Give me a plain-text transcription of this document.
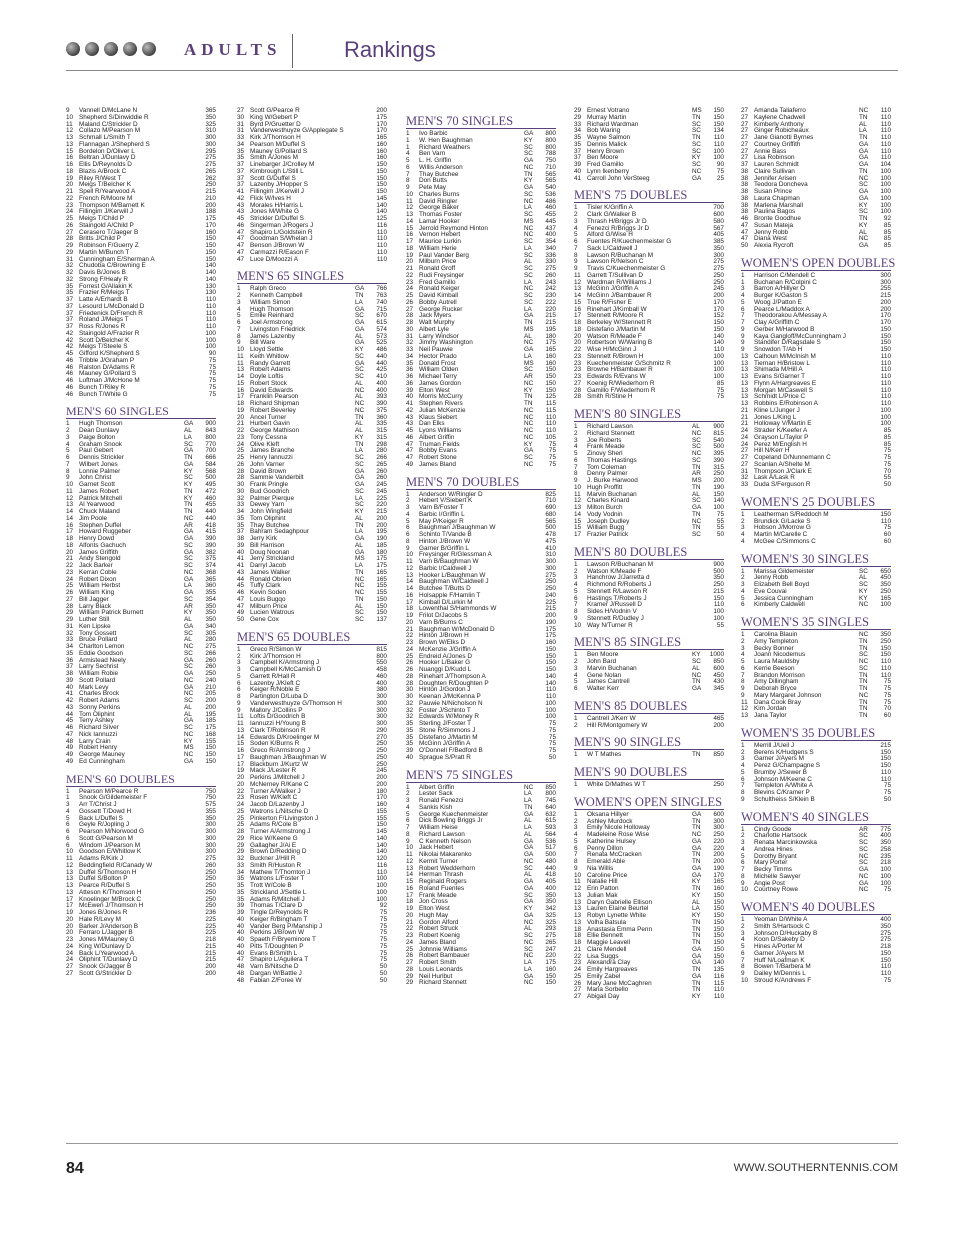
ADULTS	Rankings
9 Vannell D/McLane N	365
10 Shepherd S/Dinwiddie R	350
11 Maland C/Strickler D	325
12 Collazo M/Pearson M	310
13 Schmall L/Smith T	300
13 Flannagan J/Shepherd S	300
15 Bordelon D/Oliver L	295
16 Beltran J/Dunlavy D	275
16 Ellis D/Reynolds D	275
18 Blazis A/Brock C	265
19 Riley R/West T	262
20 Meigs T/Belcher K	250
21 Spell R/Yearwood A	215
22 French R/Moore M	210
23 Thompson M/Barnett K	200
24 Fillingim J/Kerwill J	188
25 Meigs T/Child P	175
26 Staingold A/Child P	170
27 Cerasero T/Jaeger B	160
28 Britts J/Child P	150
29 Robinson F/Guerry Z	150
29 Martin M/Bunch T	150
31 Cunningham E/Sherman A	150
32 Chudoba C/Browning E	140
32 Davis B/Jones B	140
32 Strong F/Healy R	140
35 Forrest G/Allakin K	130
35 Frazier R/Meigs T	130
37 Latte A/Erhardt B	110
37 Lesourd L/McDonald D	110
37 Friedenick D/French R	110
37 Roland J/Meigs T	110
37 Ross R/Jones R	110
42 Staingold A/Frazier R	100
42 Scott D/Belcher K	100
42 Meigs T/Steele S	100
45 Gifford K/Shepherd S	90
46 Tribble J/Graham P	75
46 Ralston D/Adams R	75
46 Mauney G/Pollard S	75
46 Luftman J/McHone M	75
46 Bunch T/Riley R	75
46 Bunch T/White G	75
MEN'S 60 SINGLES
1 Hugh Thomson	GA 900
2 Dean Dunlavy	AL 843
3 Paige Bolton	LA 800
4 Graham Snook	SC 770
5 Paul Gebert	GA 700
6 Dennis Strickler	TN 666
7 Wilbert Jones	GA 584
8 Lonnie Palmer	KY 568
9 John Christ	SC 500
10 Garnet Scott	KY 495
11 James Robert	TN 472
12 Patrick Mitchell	KY 460
13 Al Yearwood	TN 455
14 Chuck Maland	TN 440
14 Jim Poole	NC 440
16 Stephen Duffel	AR 418
17 Howard Ruggeber	GA 415
18 Henry Dowd	GA 390
18 Alfonts Gachuch	SC 390
20 James Griffith	GA 382
21 Andy Stengold	SC 375
22 Jack Barker	SC 374
23 Kerran Coble	NC 368
24 Robert Dixon	GA 365
25 William Herbst	LA 360
26 William King	GA 355
27 Bill Jagger	SC 354
28 Larry Black	AR 350
29 William Patrick Burnett	KY 350
29 Luther Still	AL 350
31 Ken Lipske	GA 340
32 Tony Gossett	SC 305
33 Bruce Pollard	AL 280
34 Charlton Lemon	NC 275
35 Eddie Goodson	SC 266
36 Armistead Neely	GA 260
37 Larry Sechrist	SC 260
38 William Robie	GA 250
39 Scott Pollard	NC 240
40 Mark Levy	GA 210
41 Charles Brock	NC 205
42 Robert Adams	SC 200
43 Sonny Perkins	AL 200
44 Tom Oliphint	AL 195
45 Terry Ashley	GA 185
46 Richard Silver	SC 175
47 Nick Iannuzzi	NC 168
48 Larry Crain	KY 155
49 Robert Henry	MS 150
49 George Mauney	NC 150
49 Ed Cunningham	GA 150
MEN'S 60 DOUBLES
1 Pearson M/Pearce R	750
1 Snook G/Gildemeister F	750
3 Arr T/Christ J	575
4 Gossett T/Dowd H	355
5 Back L/Duffel S	350
6 Geyle R/Jopling J	300
6 Pearson M/Norwood G	300
6 Scott G/Pearson M	300
6 Windom J/Pearson M	300
10 Goodson E/Whitlow K	300
11 Adams R/Kirk J	275
12 Beddingfield R/Canady W	260
13 Duffel S/Thomson H	250
13 Duffel S/Bolton P	250
13 Pearce R/Duffel S	250
13 Atteson K/Thomson H	250
17 Knoelinger M/Brock C	250
17 McEwen J/Thomson H	250
19 Jones B/Jones R	236
20 Hale R/Levy M	225
20 Barker J/Anderson B	225
20 Ferraro L/Jagger B	225
23 Jones M/Mauney G	218
24 King W/Dunlavy D	215
24 Back L/Yearwood A	215
24 Oliphint T/Dunlavy D	215
27 Snook G/Jagger B	200
27 Scott G/Strickler D	200
27 Scott G/Pearce R	200
30 King W/Gebert P	175
31 Byrd P/Gruetter D	170
31 Vanderwesthuyze G/Applegate S	170
33 Kirk J/Thomson H	165
34 Pearson M/Duffel S	160
35 Mauney G/Pollard S	160
35 Smith A/Jones M	160
37 Linebarger J/Crolley M	150
37 Kimbrough L/Still L	150
37 Scott G/Duffel S	150
37 Lazenby J/Hopper S	150
41 Fillingim J/Kerwill J	150
42 Flick W/Ives H	145
43 Morales H/Harris L	140
43 Jones M/White G	140
45 Strickler D/Duffel S	125
46 Singerman J/Rogers J	116
47 Shapiro L/Goldstein R	110
47 Goodman S/Whelan J	110
47 Benson J/Brown W	110
47 Carmazzi R/Eason F	110
47 Luce D/Moozzi A	110
MEN'S 65 SINGLES
1 Ralph Greco	GA 766
2 Kenneth Campbell	TN 763
3 William Simon	LA 740
4 Hugh Thomson	GA 715
5 Emile Reinhard	SC 670
6 Joel Armstrong	GA 615
7 Livingston Friedrick	GA 574
8 James Lazenby	AL 573
9 Bill Ware	GA 525
10 Lloyd Settle	KY 486
11 Keith Whitlow	SC 440
11 Randy Garrett	GA 440
13 Robert Adams	SC 425
14 Doyle Loftis	SC 410
15 Robert Stock	AL 400
16 David Edwards	NC 400
17 Franklin Pearson	AL 393
18 Richard Shipman	NC 390
19 Robert Beverley	NC 375
20 Ancel Turner	TN 360
21 Hurbert Gavin	AL 335
22 George Mathison	AL 315
23 Tony Cessna	KY 315
24 Olive Kleft	TN 298
25 James Branche	LA 280
25 Henry Iannuzzi	SC 266
26 John Varner	SC 265
28 David Brown	GA 260
28 Sammie Vanderbilt	GA 260
30 Frank Pringle	GA 245
30 Bud Goodrich	SC 245
32 Palmer Pierque	LA 225
33 Dewey Yarn	SC 220
34 John Wingfield	KY 215
35 Tom Oliphint	AL 200
35 Thay Butchee	TN 200
37 Bahram Sedaghpour	LA 195
38 Jerry Kirk	GA 190
39 Bill Harrison	AL 185
40 Doug Noonan	GA 180
41 Jerry Strickland	MS 175
41 Darryl Jacob	LA 175
43 James Walker	TN 165
44 Ronald Obrien	NC 165
45 Tuffy Clark	NC 155
46 Kevin Soden	NC 155
47 Louis Bugqo	TN 150
47 Milburn Price	AL 150
49 Lucien Watrous	SC 150
50 Gene Cox	SC 137
MEN'S 65 DOUBLES
1 Greco R/Simon W	815
2 Kirk J/Thomson H	800
3 Campbell K/Armstrong J	550
3 Campbell K/McCamish D	458
5 Garrett R/Hall R	460
6 Lazenby J/Kleft C	400
6 Keiger R/Noble E	380
8 Partington D/Luba D	300
9 Vanderwesthuyze G/Thomson H	300
9 Mallory J/Collins P	300
11 Loftis D/Goodrich B	300
11 Iannuzzi H/Young B	300
13 Clark T/Robinson R	290
14 Edwards D/Kroelinger M	270
15 Soden K/Burns R	250
16 Greco R/Armstrong J	250
17 Baughman J/Baughman W	250
17 Blackburn J/Kurtz W	250
19 Mack J/Lester R	245
20 Perkins J/Mitchell J	200
20 McNerney R/Kane C	200
22 Turner A/Walker J	180
23 Rosen W/Kleft C	170
24 Jacob D/Lazenby J	160
25 Watrons L/Nitsche D	155
25 Pinkerton F/Livingston J	155
25 Adams R/Cole B	150
28 Turner A/Armstrong J	145
29 Rice W/Keene G	140
29 Gallagher J/Ai E	140
29 Brown D/Redding D	140
32 Buckner J/Hill R	120
33 Smith R/Huston R	116
34 Mathew T/Thornton J	110
35 Watrons L/Foster T	100
35 Trott W/Cole B	100
35 Strickland J/Settle L	100
35 Adams R/Mitchell J	100
39 Thomas T/Clare D	92
39 Tingle D/Reynolds R	75
40 Keiger R/Bingham T	75
40 Vander Berg P/Manship J	75
40 Perkins J/Brown W	75
40 Spaeth F/Bryeminore T	75
40 Pitts T/Doughten P	75
40 Evans B/Smith L	75
47 Shapiro L/Aguilera T	75
48 Varn B/Nitsche D	50
48 Dargan W/Battle J	50
48 Fabian Z/Foree W	50
MEN'S 70 SINGLES
1 Ivo Barbic	GA 800
1 W. Hen Baughman	KY 800
1 Richard Weathers	SC 800
4 Ben Varn	SC 788
5 L. H. Griffin	GA 750
6 Willis Anderson	NC 710
7 Thay Butchee	TN 565
8 Don Butts	KY 565
9 Pete May	GA 540
10 Charles Burns	SC 536
11 David Ringler	NC 486
12 George Baker	LA 460
13 Thomas Foster	SC 455
14 Lamar Hooker	MS 445
15 Jerrold Reymond Hinton	NC 437
16 Vernon Hebert	NC 400
17 Maurice Lurkin	SC 354
18 William Herie	LA 340
19 Paul Vander Berg	SC 336
20 Milburn Price	AL 330
21 Ronald Groff	SC 275
22 Rudi Freysinger	SC 260
23 Fred Gamillo	LA 243
24 Ronald Keiger	NC 242
25 David Kimball	SC 230
26 Bobby Autrell	SC 222
27 George Rucker	LA 220
28 Jack Myers	GA 215
28 Walt Murphy	TN 215
30 Albert Lyle	MS 195
31 Larry Windsor	AL 180
32 Jimmy Washington	NC 175
33 Neil Pauwie	GA 165
34 Hector Prado	LA 160
35 Donald Frost	MS 160
36 William Olden	SC 150
36 Michael Terry	AR 150
36 James Gordon	NC 150
39 Elton West	KY 150
40 Morris McCurry	TN 125
41 Stephen Rivers	TN 115
42 Julian McKenzie	NC 115
43 Klaus Siebert	NC 110
43 Dan Elks	NC 110
45 Lyons Williams	NC 110
46 Albert Griffin	NC 105
47 Truman Fields	KY	75
47 Bobby Evans	GA 75
47 Robert Stone	SC	75
49 James Bland	NC 75
MEN'S 70 DOUBLES
1 Anderson W/Ringler D	825
2 Hebert V/Siebert K	710
3 Varn B/Foster T	690
4 Barbic I/Griffin L	680
5 May P/Keiger R	565
6 Baughman J/Baughman W	500
6 Schinto T/Vande B	478
8 Hinton J/Brown W	475
9 Garner B/Griffin L	410
10 Freysinger R/Glessman A	310
11 Varn B/Baughman W	300
12 Barbic I/Caldwell J	300
13 Hooker L/Baughman W	275
14 Baughman W/Caldwell J	250
14 Butchee T/Butts D	250
16 Holsapple F/Hamlin T	240
17 Kimball D/Lurkin M	225
18 Lowenthal S/Hammonds W	215
19 Frilot D/Jacobs S	200
20 Varn B/Burns C	190
21 Baughman W/McDonald D	175
22 Hinton J/Brown H	175
23 Brown W/Elks D	160
24 McKenzie J/Griffin A	150
25 Endreid A/Jones D	150
26 Hooker L/Baker G	150
26 Nuanggi D/Kudd L	150
28 Rinehart J/Thompson A	140
28 Doughten R/Doughten P	140
30 Hinton J/Gordon J	110
30 Keenan J/McKenna P	110
32 Pauwie N/Nicholson N	100
32 Foster J/Schinto T	100
32 Edwards W/Money R	100
35 Sterling J/Foster T	75
35 Stone R/Simmons J	75
35 Distefano J/Martin M	75
35 McGinn J/Griffin A	75
39 O'Donnell F/Bedford B	75
40 Sprague S/Pratt R	50
MEN'S 75 SINGLES
1 Albert Griffin	NC 850
2 Lester Sack	LA 800
3 Ronald Fenezci	LA 745
4 Sankis Kish	TN 640
5 George Kuechenmeister	GA 632
6 Dick Bowling Briggs Jr	AL 615
7 William Heise	LA 593
8 Richard Lawson	AL 564
9 C Kenneth Nelson	GA 536
10 Jack Hebert	GA 517
11 Nikolai Makarenko	GA 500
12 Kermit Turner	NC 480
13 Robert Wedderhorn	SC 440
14 Herman Thrash	AL 418
15 Reginald Rogers	GA 405
16 Roland Fuentes	GA 400
17 Frank Meade	SC 350
18 Jon Cross	GA 350
19 Elton West	KY 342
20 Hugh May	GA 325
21 Gordon Alford	NC 325
22 Robert Struck	AL 293
23 Robert Koenig	SC 275
24 James Bland	NC 265
25 Johnnie Williams	SC 247
26 Robert Bambauer	NC 220
27 Robert Smith	LA 175
28 Louis Leonards	LA 160
29 Neil Hurlbut	GA 150
29 Richard Stennett	NC 150
29 Ernest Votrano	MS 150
29 Murray Martin	TN 150
33 Richard Wardman	SC 150
34 Bob Waring	SC 134
35 Wayne Salmon	TN 110
35 Dennis Malick	SC 110
37 Henry Brown	SC 100
37 Ben Moore	KY 100
39 Fred Gamillo	SC	90
40 Lynn Ikenberry	NC 75
41 Carroll John VerSteeg	GA 25
MEN'S 75 DOUBLES
1 Tisler K/Griffin A	700
2 Clark G/Walker B	600
3 Thrash H/Briggs Jr D	580
4 Fenezci R/Briggs Jr D	567
5 Alford G/Wise H	405
6 Fuentes R/Kuechenmeister G	385
7 Sack L/Caldwell J	350
8 Lawson R/Buchanan M	300
9 Lawson R/Nelson C	275
9 Travis C/Kuechenmeister G	275
11 Garrett T/Sullivan D	250
12 Wardman R/Williams J	250
13 McGinn J/Griffin A	245
14 McGinn J/Bambauer R	200
15 True R/Fisher E	170
16 Rinehart J/Kimball W	170
17 Stennett R/Moore R	152
18 Berkeley W/Stennett R	150
18 Distefano J/Martin M	150
20 Watson R/Meade F	140
20 Robertson W/Waring B	140
22 Wise H/McGinn J	110
23 Stennett R/Brown H	100
23 Kuechenmeister G/Schmitz R	100
23 Browne H/Bambauer R	100
23 Edwards R/Evans W	100
27 Koenig R/Wiederhorn R	85
28 Gamillo F/Wiederhorn R	75
28 Smith R/Stine H	75
MEN'S 80 SINGLES
1 Richard Lawson	AL 900
2 Richard Stennett	NC 815
3 Joe Roberts	SC 540
4 Frank Meade	SC 500
5 Zinovy Sherl	NC 395
6 Thomas Hastings	SC 390
7 Tom Coleman	TN 315
8 Denny Palmer	AR 250
9 J. Burke Harwood	MS 200
10 Hugh Proffitt	TN 190
11 Marvin Buchanan	AL 150
12 Charles Kinard	SC 140
13 Milton Burch	GA 100
14 Vody Vodnin	TN	75
15 Joseph Dudley	NC 55
15 William Bugg	TN	55
17 Frazier Patrick	SC	50
MEN'S 80 DOUBLES
1 Lawson R/Buchanan M	900
2 Watson K/Meade F	500
3 Hanchrow J/Jarretta d	350
4 Richmond R/Roberts J	250
5 Stennett R/Lawson R	215
6 Hastings T/Roberts J	150
7 Kramer J/Russell D	110
8 Sides H/Vodnin V	100
9 Stennett R/Dudley J	100
10 Way N/Turner R	55
MEN'S 85 SINGLES
1 Ben Moore	KY 1000
2 John Bard	SC 850
3 Marvin Buchanan	AL 600
4 Gene Nolan	NC 450
5 James Cantrell	TN 430
6 Walter Kerr	GA 345
MEN'S 85 DOUBLES
1 Cantrell J/Kerr W	465
2 Hill R/Montgomery W	200
MEN'S 90 SINGLES
1 W T Mathes	TN 850
MEN'S 90 DOUBLES
1 White D/Mathes W T	250
WOMEN'S OPEN SINGLES
1 Oksana Hillyer	GA 600
2 Ashley Murdock	TN 300
3 Emily Nicole Holloway	TN 300
4 Madeleine Rose Wise	NC 250
5 Katherine Hulsey	GA 220
6 Penny Dillon	GA 220
7 Renata McCracken	TN 200
8 Emerald Able	TN 200
9 Nia Willis	GA 190
10 Caroline Price	GA 170
11 Natalie Hill	KY 165
12 Erin Patton	TN 160
13 Julian Mak	KY 150
13 Daryn Gabrielle Ellison	AL 150
13 Lauren Elaine Beurtel	LA 150
13 Robyn Lynette White	KY 150
13 Volha Batsula	TN 150
18 Anastasia Emma Penn	TN 150
18 Ellie Bennett	TN 150
18 Maggie Leavell	TN 150
21 Clare Mendell	GA 150
22 Lisa Suggs	GA 150
23 Alexandra Clay	GA 140
24 Emily Hargreaves	TN 135
25 Emily Zabel	GA 116
26 Mary Jane McCaghren	TN 115
27 Maria Sorbello	TN 110
27 Abigail Day	KY 110
27 Amanda Taliaferro	NC 110
27 Kaylene Chadwell	TN 110
27 Kimberly Anthony	AL 110
27 Ginger Robicheaux	LA 110
27 Jane Gianotti Byrnes	TN 110
27 Courtney Griffith	GA 110
27 Annie Bass	GA 110
27 Lisa Robinson	GA 110
37 Lauren Schmidt	GA 104
38 Claire Sullivan	TN 100
38 Jennifer Arisen	NC 100
38 Teodora Doncheva	SC 100
38 Susan Prince	GA 100
38 Laura Chapman	GA 100
38 Marlena Marshall	KY 100
38 Paulina Bagos	SC 100
46 Bronte Goodhue	TN	92
47 Susan Mateja	KY	85
47 Jenny Robb	AL	85
47 Diana West	NC 85
50 Alexia Rycroft	GA 85
WOMEN'S OPEN DOUBLES
1 Harrison C/Mendell C	300
1 Buchanan R/Colpini C	300
3 Barron A/Hillyer O	255
4 Burger K/Gaston S	215
5 Woog J/Patton E	200
6 Pearce L/Maddox A	200
7 Theodorakou A/Messay A	170
7 Clay A/Griffith C	170
9 Gerber M/Harwood B	150
9 Kaya Gangloff/McCunningham J	150
9 Standifer D/Ragsdale S	150
9 Snowdon T/Ab H	150
13 Calhoun M/McInish M	110
13 Tiernan H/Bristow L	110
13 Shimada M/Hill A	110
13 Evans S/Garner T	110
13 Flynn A/Hargreaves E	110
13 Morgan M/Caswell S	110
13 Schmidt L/Price C	110
13 Robbins E/Robinson A	110
21 Kline L/Junger J	100
21 Jones L/King L	100
21 Holloway V/Martin E	100
24 Strader K/Keefer A	85
24 Grayson L/Taylor P	85
24 Perez M/English H	85
27 Hill N/Kerr H	75
27 Copeland D/Nunnemann C	75
27 Scanlan A/Shelte M	75
31 Thompson J/Clark E	70
32 Lask A/Lask R	55
33 Duda S/Ferguson R	50
WOMEN'S 25 DOUBLES
1 Leatherman S/Reddoch M	150
2 Brundick G/Lacke S	110
3 Hobson J/Morrow G	75
4 Martin M/Carelle C	60
4 McGee C/Simmons C	60
WOMEN'S 30 SINGLES
1 Marissa Gildemeister	SC 650
2 Jenny Robb	AL 450
3 Elizabeth Bell Boyd	SC 350
4 Eve Couvai	KY 250
5 Jessica Cunningham	KY 165
6 Kimberly Caldwell	NC 100
WOMEN'S 35 SINGLES
1 Carolina Blauin	NC 350
2 Amy Templeton	TN 250
3 Becky Bonner	TN 150
4 Joann Nicodemus	SC 150
5 Laura Mauldsby	NC 110
6 Kerrie Beeson	SC 110
7 Brandon Morrison	TN 110
8 Amy Dillingham	TN	75
9 Deborah Bryce	TN	75
9 Mary Margaret Johnson	NC 75
11 Dana Cook Bray	TN	75
12 Kim Jordan	TN	70
13 Jana Taylor	TN	60
WOMEN'S 35 DOUBLES
1 Merrill J/Ueil J	215
2 Berens K/Hudgens S	150
3 Garner J/Ayers M	150
4 Perez G/Champagne S	150
5 Brumby J/Sewer B	110
6 Johnson M/Keene C	110
7 Templeton A/White A	75
8 Blevins C/Kramer P	75
9 Schultheiss S/Klein B	50
WOMEN'S 40 SINGLES
1 Cindy Goode	AR 775
2 Charlotte Hartsock	SC 400
3 Renata Marcinkowska	SC 350
4 Andrea Hines	SC 258
5 Dorothy Bryant	NC 235
6 Mary Porter	SC 218
7 Becky Timms	GA 100
8 Michelle Sawyer	NC 100
9 Angie Post	GA 100
10 Courtney Rowe	NC 75
WOMEN'S 40 DOUBLES
1 Yeoman D/White A	400
2 Smith S/Hartsock C	350
3 Johnson D/Huckaby B	275
4 Koon D/Sakeby D	275
5 Hines A/Porter M	218
6 Garner J/Ayers M	150
7 Huff N/Loafman K	150
8 Bowen T/Barbera M	110
9 Dailey M/Dennis L	110
10 Stroud K/Andrews F	75
84	WWW.SOUTHERNTENNIS.COM
